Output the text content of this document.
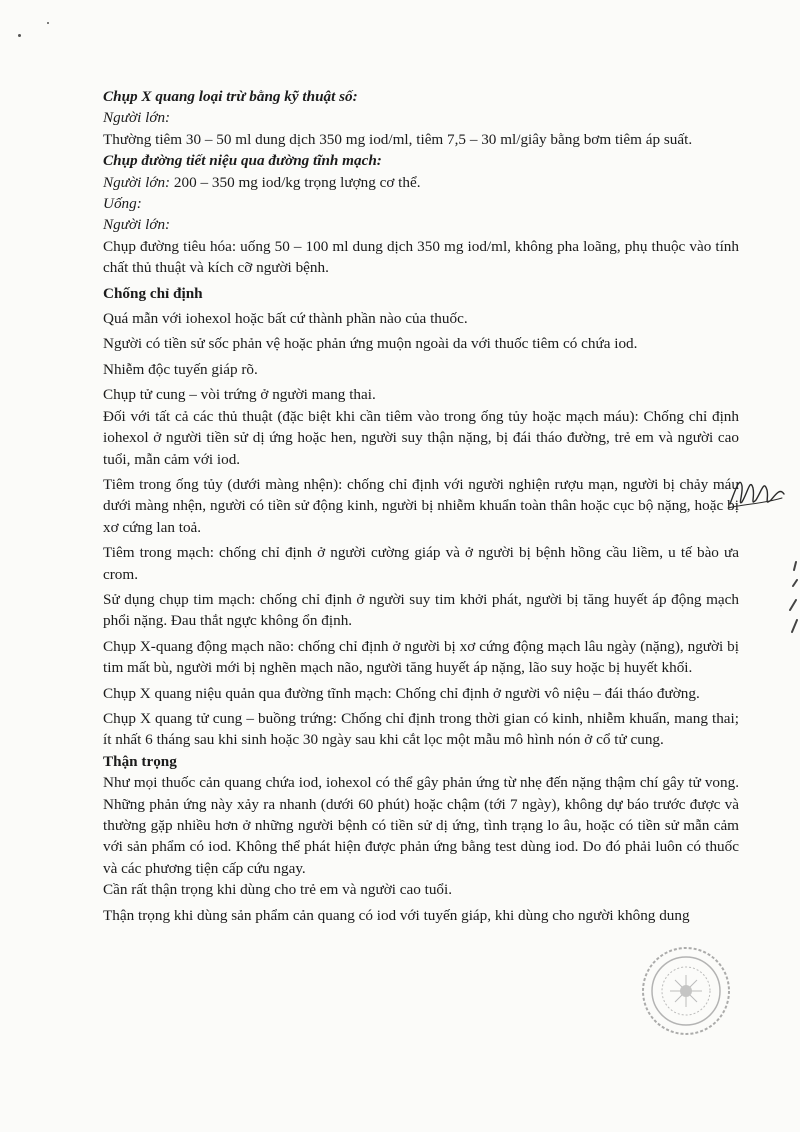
Chụp X quang loại trừ bằng kỹ thuật số:

Người lớn:

Thường tiêm 30 – 50 ml dung dịch 350 mg iod/ml, tiêm 7,5 – 30 ml/giây bằng bơm tiêm áp suất.

Chụp đường tiết niệu qua đường tĩnh mạch:

Người lớn: 200 – 350 mg iod/kg trọng lượng cơ thể.

Uống:

Người lớn:

Chụp đường tiêu hóa: uống 50 – 100 ml dung dịch 350 mg iod/ml, không pha loãng, phụ thuộc vào tính chất thủ thuật và kích cỡ người bệnh.

Chống chỉ định

Quá mẫn với iohexol hoặc bất cứ thành phần nào của thuốc.

Người có tiền sử sốc phản vệ hoặc phản ứng muộn ngoài da với thuốc tiêm có chứa iod.

Nhiễm độc tuyến giáp rõ.

Chụp tử cung – vòi trứng ở người mang thai.

Đối với tất cả các thủ thuật (đặc biệt khi cần tiêm vào trong ống tủy hoặc mạch máu): Chống chỉ định iohexol ở người tiền sử dị ứng hoặc hen, người suy thận nặng, bị đái tháo đường, trẻ em và người cao tuổi, mẫn cảm với iod.

Tiêm trong ống tủy (dưới màng nhện): chống chỉ định với người nghiện rượu mạn, người bị chảy máu dưới màng nhện, người có tiền sử động kinh, người bị nhiễm khuẩn toàn thân hoặc cục bộ nặng, hoặc bị xơ cứng lan toả.

Tiêm trong mạch: chống chỉ định ở người cường giáp và ở người bị bệnh hồng cầu liềm, u tế bào ưa crom.

Sử dụng chụp tim mạch: chống chỉ định ở người suy tim khởi phát, người bị tăng huyết áp động mạch phổi nặng. Đau thắt ngực không ổn định.

Chụp X-quang động mạch não: chống chỉ định ở người bị xơ cứng động mạch lâu ngày (nặng), người bị tim mất bù, người mới bị nghẽn mạch não, người tăng huyết áp nặng, lão suy hoặc bị huyết khối.

Chụp X quang niệu quản qua đường tĩnh mạch: Chống chỉ định ở người vô niệu – đái tháo đường.

Chụp X quang tử cung – buồng trứng: Chống chỉ định trong thời gian có kinh, nhiễm khuẩn, mang thai; ít nhất 6 tháng sau khi sinh hoặc 30 ngày sau khi cắt lọc một mẫu mô hình nón ở cổ tử cung.

Thận trọng

Như mọi thuốc cản quang chứa iod, iohexol có thể gây phản ứng từ nhẹ đến nặng thậm chí gây tử vong. Những phản ứng này xảy ra nhanh (dưới 60 phút) hoặc chậm (tới 7 ngày), không dự báo trước được và thường gặp nhiều hơn ở những người bệnh có tiền sử dị ứng, tình trạng lo âu, hoặc có tiền sử mẫn cảm với sản phẩm có iod. Không thể phát hiện được phản ứng bằng test dùng iod. Do đó phải luôn có thuốc và các phương tiện cấp cứu ngay.

Cần rất thận trọng khi dùng cho trẻ em và người cao tuổi.

Thận trọng khi dùng sản phẩm cản quang có iod với tuyến giáp, khi dùng cho người không dung
